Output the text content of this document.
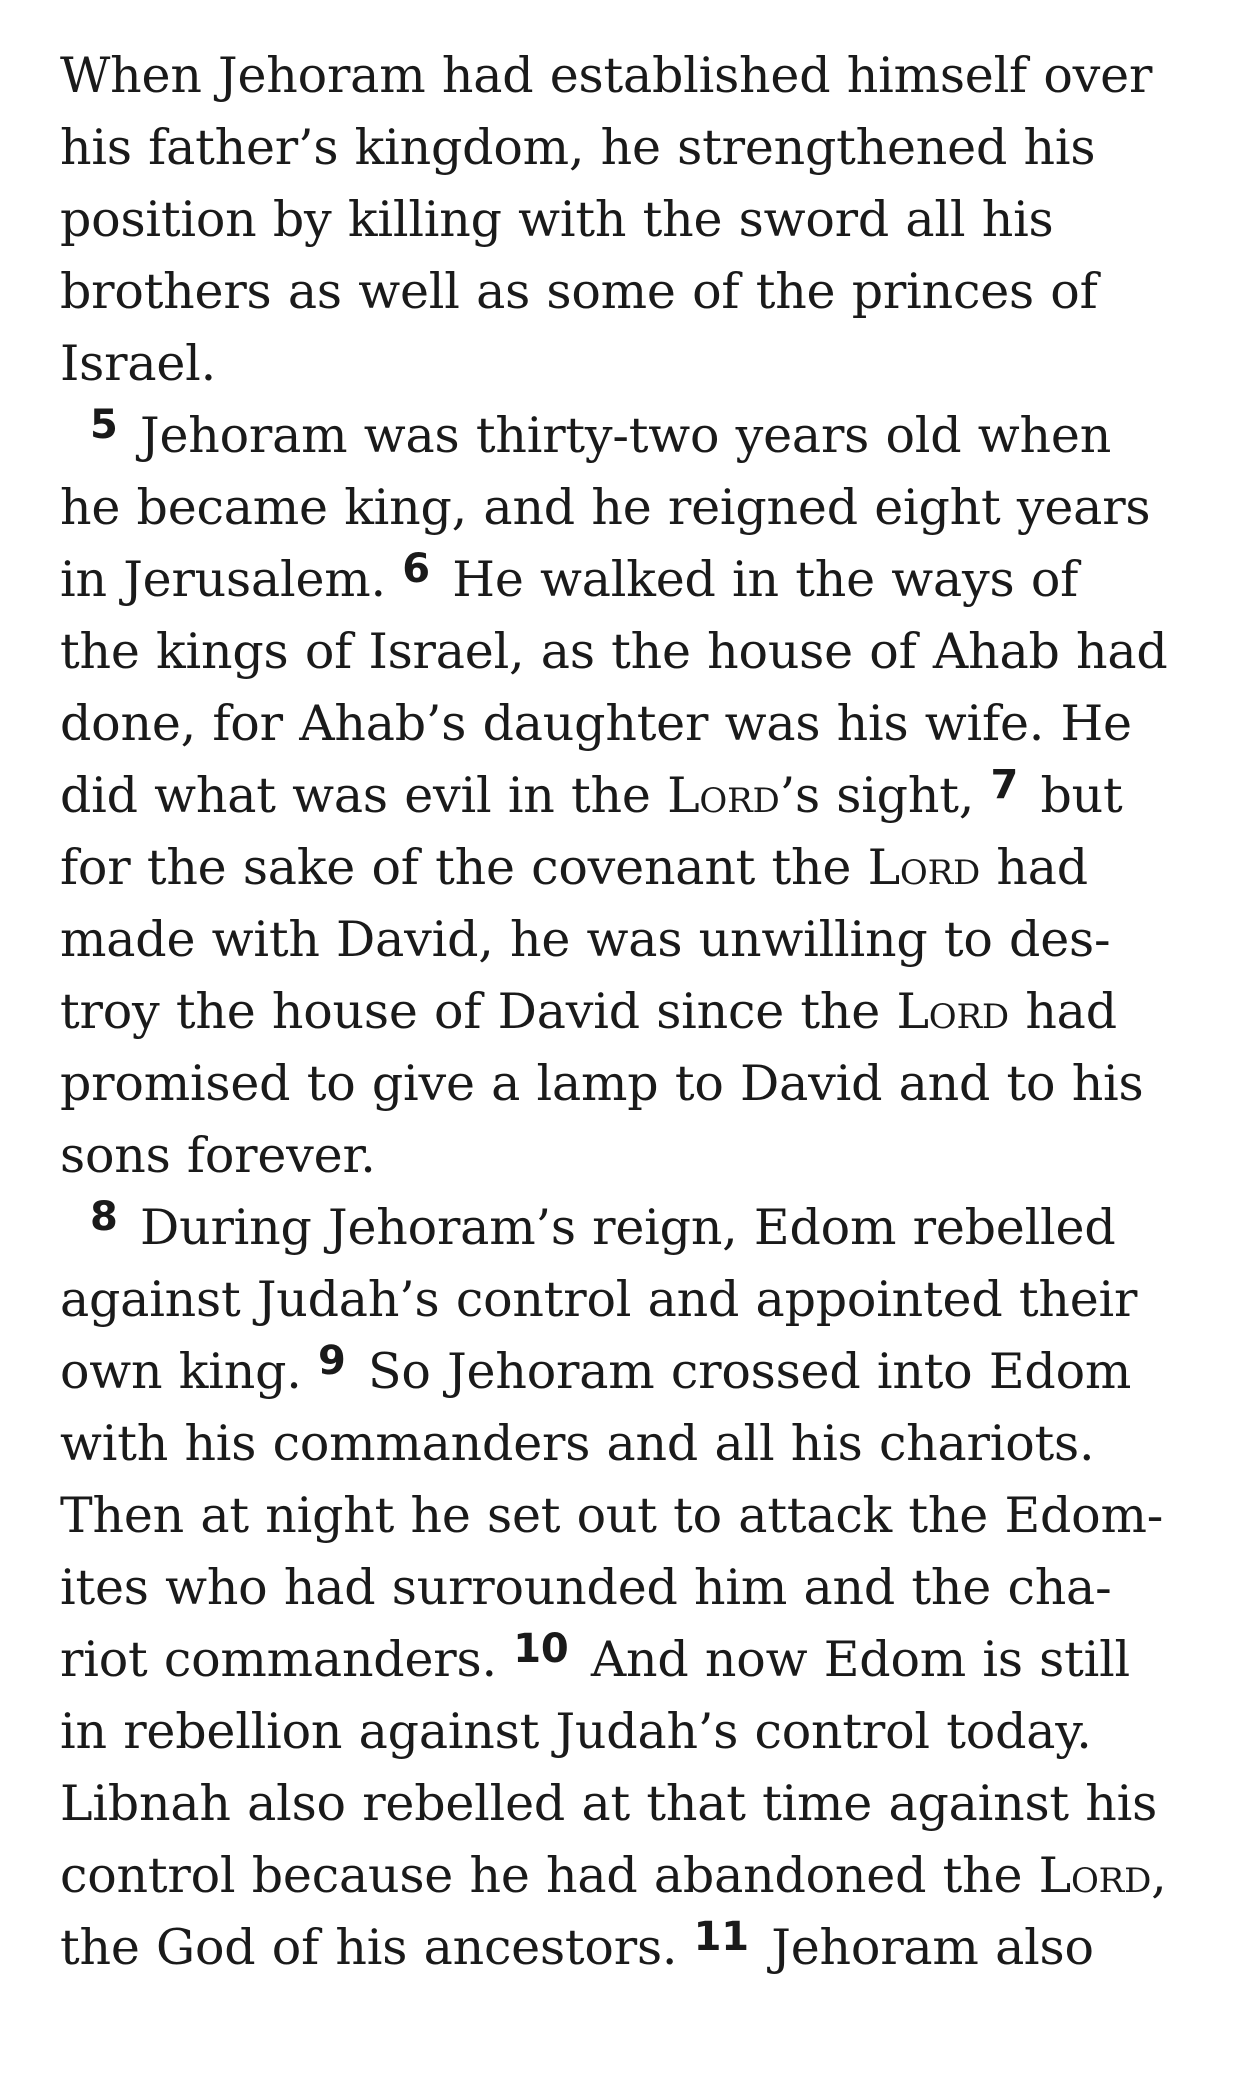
When Jehoram had established himself over
his father’s kingdom, he strengthened his
position by killing with the sword all his
brothers as well as some of the princes of
Israel.
$^5$ Jehoram was thirty-two years old when
he became king, and he reigned eight years
in Jerusalem. $^6$ He walked in the ways of
the kings of Israel, as the house of Ahab had
done, for Ahab’s daughter was his wife. He
did what was evil in the Lord’s sight, $^7$ but
for the sake of the covenant the Lord had
made with David, he was unwilling to des-
troy the house of David since the Lord had
promised to give a lamp to David and to his
sons forever.
$^8$ During Jehoram’s reign, Edom rebelled
against Judah’s control and appointed their
own king. $^9$ So Jehoram crossed into Edom
with his commanders and all his chariots.
Then at night he set out to attack the Edom-
ites who had surrounded him and the cha-
riot commanders. $^{10}$ And now Edom is still
in rebellion against Judah’s control today.
Libnah also rebelled at that time against his
control because he had abandoned the Lord,
the God of his ancestors. $^{11}$ Jehoram also
